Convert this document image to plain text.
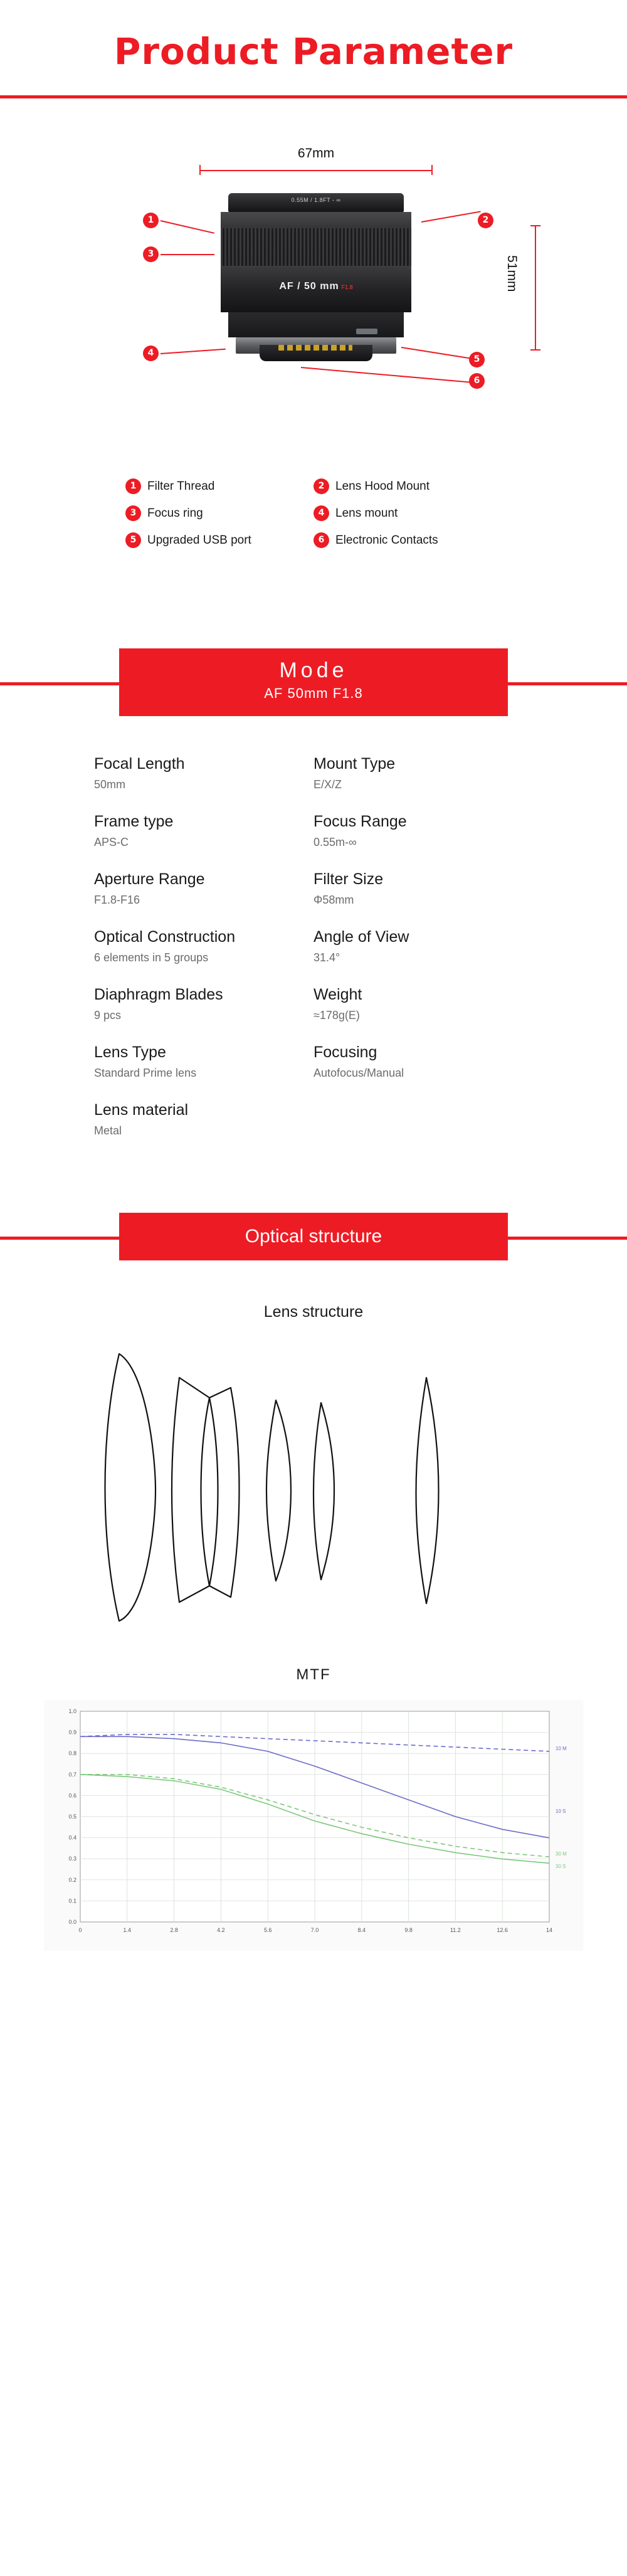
Product Parameter
67mm
51mm
0.55M / 1.8FT - ∞
AF / 50 mm F1.8
1	2
3
4
5
6
1 Filter Thread	2 Lens Hood Mount
3 Focus ring	4 Lens mount
5 Upgraded USB port	6 Electronic Contacts
Mode
AF 50mm F1.8
Focal Length
50mm
Mount Type
E/X/Z
Frame type
APS-C
Focus Range
0.55m-∞
Aperture Range
F1.8-F16
Filter Size
Φ58mm
Optical Construction
6 elements in 5 groups
Angle of View
31.4°
Diaphragm Blades
9 pcs
Weight
≈178g(E)
Lens Type
Standard Prime lens
Focusing
Autofocus/Manual
Lens material
Metal
Optical structure
Lens structure
MTF
1.0
0.9
0.8
0.7
0.6
0.5
0.4
0.3
0.2
0.1
0.0
0	1.4	2.8	4.2	5.6	7.0	8.4	9.8	11.2	12.6	14
10 M
10 S
30 M
30 S
